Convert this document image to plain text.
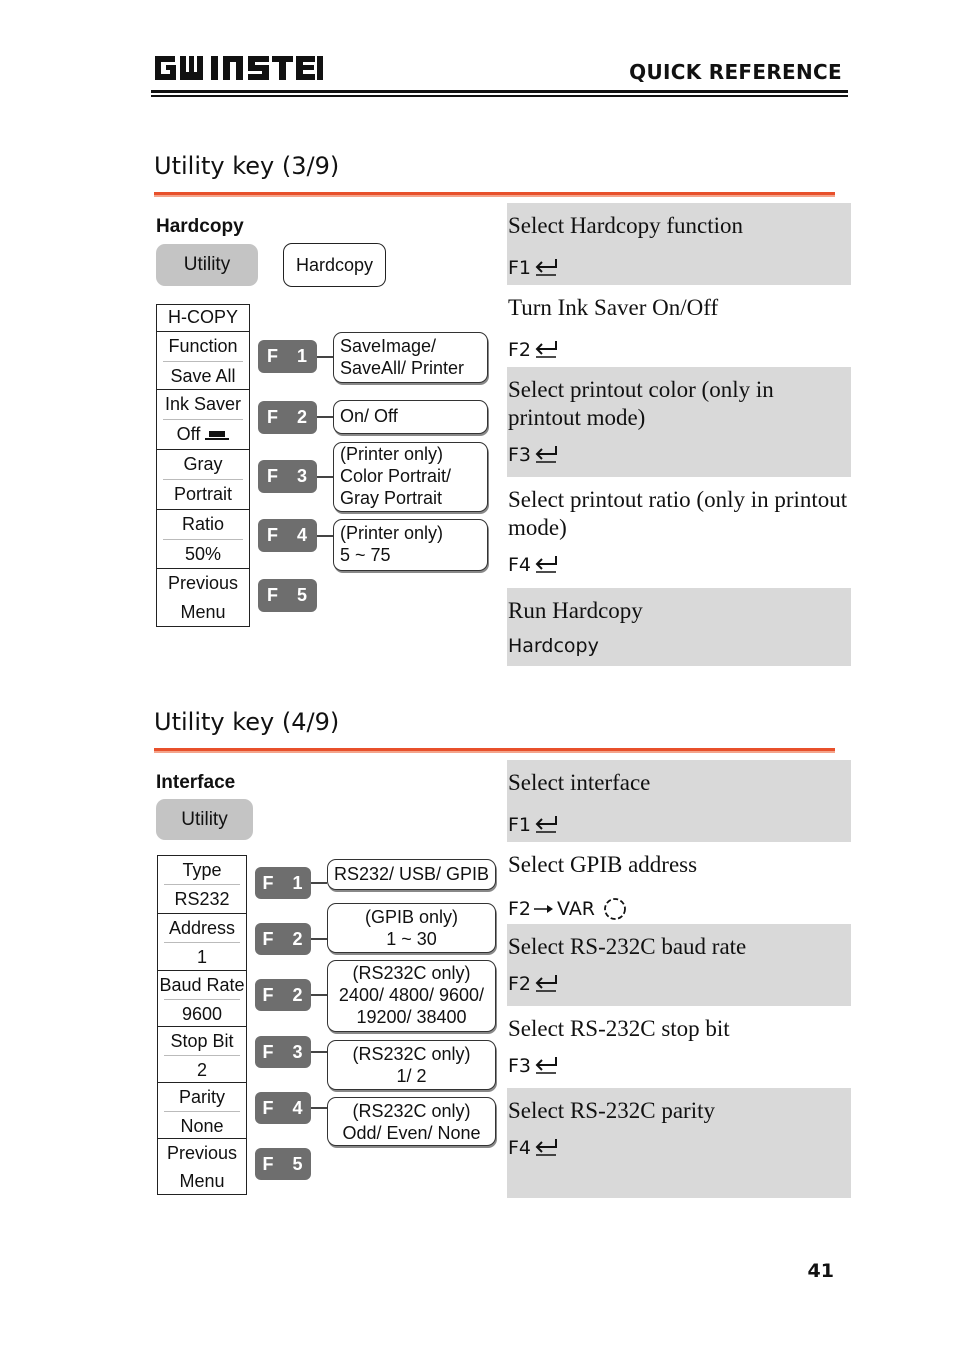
QUICK REFERENCE
Utility key (3/9)
Hardcopy
Utility	Hardcopy
H-COPY
Function
Save All
Ink Saver
Off
Gray
Portrait
Ratio
50%
Previous
Menu
F 1
F 2
F 3
F 4
F 5
SaveImage/
SaveAll/ Printer
On/ Off
(Printer only)
Color Portrait/
Gray Portrait
(Printer only)
5 ~ 75
Select Hardcopy function
F1
Turn Ink Saver On/Off
F2
Select printout color (only in printout mode)
F3
Select printout ratio (only in printout mode)
F4
Run Hardcopy
Hardcopy
Utility key (4/9)
Interface
Utility
Type
RS232
Address
1
Baud Rate
9600
Stop Bit
2
Parity
None
Previous
Menu
F 1
F 2
F 2
F 3
F 4
F 5
RS232/ USB/ GPIB
(GPIB only)
1 ~ 30
(RS232C only)
2400/ 4800/ 9600/
19200/ 38400
(RS232C only)
1/ 2
(RS232C only)
Odd/ Even/ None
Select interface
F1
Select GPIB address
F2 VAR
Select RS-232C baud rate
F2
Select RS-232C stop bit
F3
Select RS-232C parity
F4
41
